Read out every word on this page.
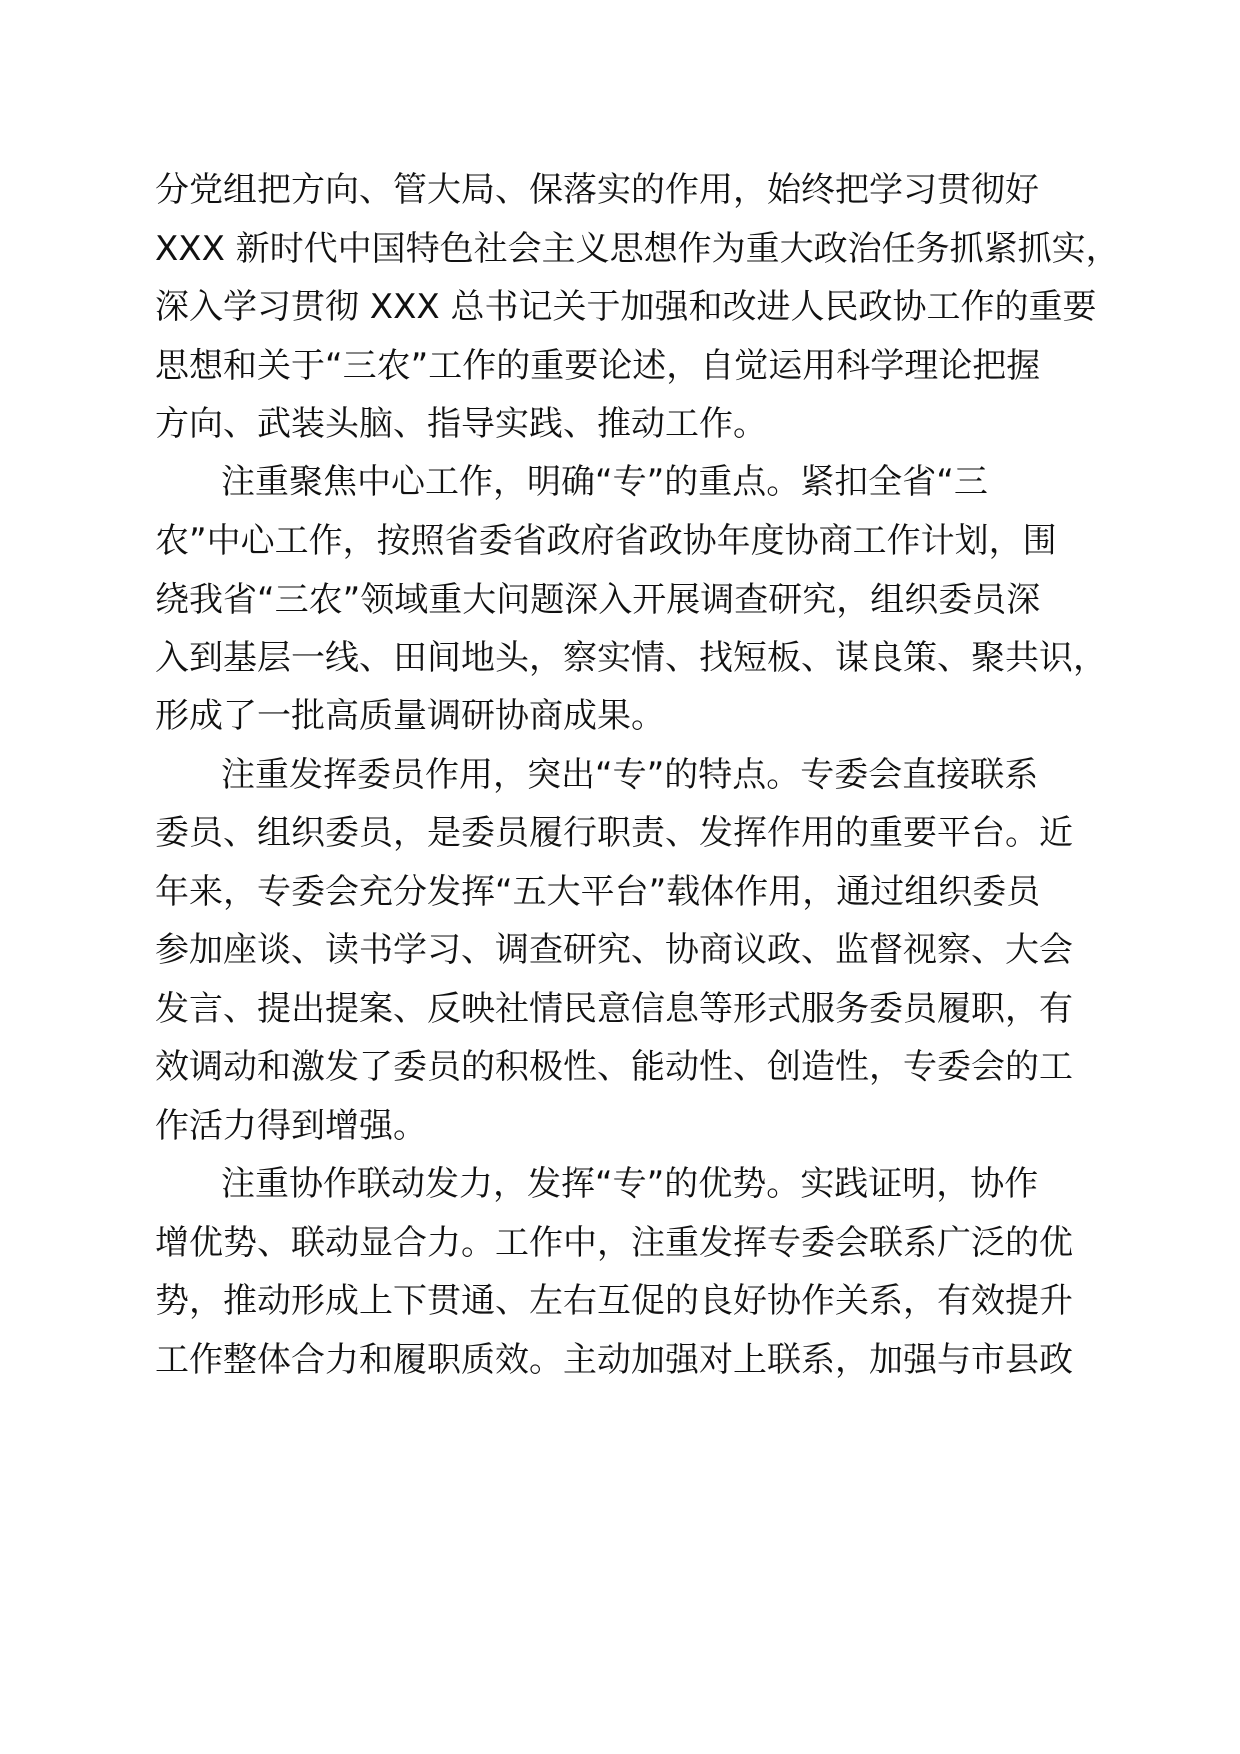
分党组把方向、管大局、保落实的作用，始终把学习贯彻好
XXX 新时代中国特色社会主义思想作为重大政治任务抓紧抓实，
深入学习贯彻 XXX 总书记关于加强和改进人民政协工作的重要
思想和关于“三农”工作的重要论述，自觉运用科学理论把握
方向、武装头脑、指导实践、推动工作。
注重聚焦中心工作，明确“专”的重点。紧扣全省“三
农”中心工作，按照省委省政府省政协年度协商工作计划，围
绕我省“三农”领域重大问题深入开展调查研究，组织委员深
入到基层一线、田间地头，察实情、找短板、谋良策、聚共识，
形成了一批高质量调研协商成果。
注重发挥委员作用，突出“专”的特点。专委会直接联系
委员、组织委员，是委员履行职责、发挥作用的重要平台。近
年来，专委会充分发挥“五大平台”载体作用，通过组织委员
参加座谈、读书学习、调查研究、协商议政、监督视察、大会
发言、提出提案、反映社情民意信息等形式服务委员履职，有
效调动和激发了委员的积极性、能动性、创造性，专委会的工
作活力得到增强。
注重协作联动发力，发挥“专”的优势。实践证明，协作
增优势、联动显合力。工作中，注重发挥专委会联系广泛的优
势，推动形成上下贯通、左右互促的良好协作关系，有效提升
工作整体合力和履职质效。主动加强对上联系，加强与市县政
